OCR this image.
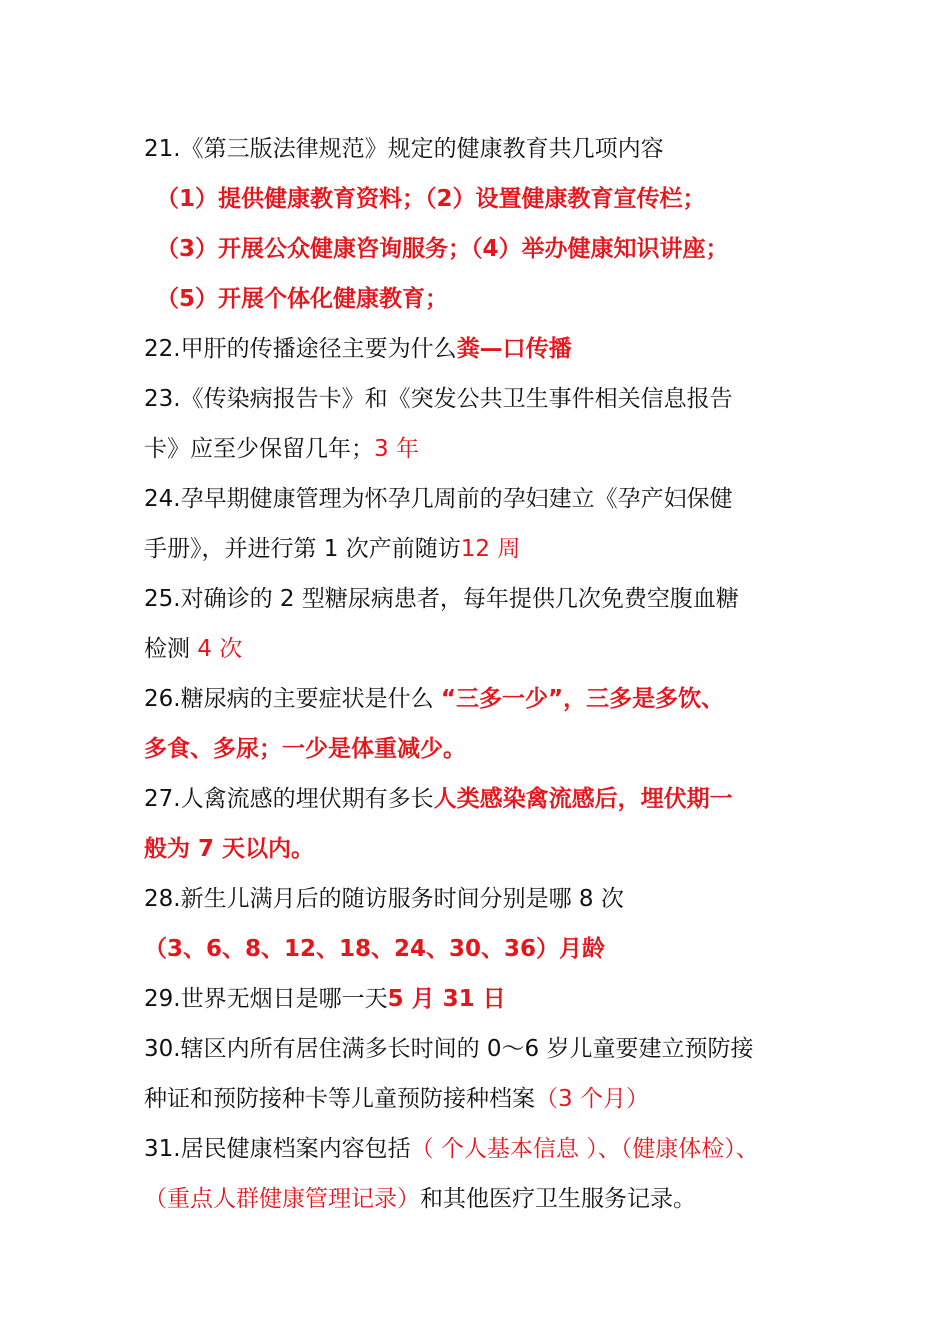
21.《第三版法律规范》规定的健康教育共几项内容
（1）提供健康教育资料；（2）设置健康教育宣传栏；
（3）开展公众健康咨询服务；（4）举办健康知识讲座；
（5）开展个体化健康教育；
22.甲肝的传播途径主要为什么粪—口传播
23.《传染病报告卡》和《突发公共卫生事件相关信息报告
卡》应至少保留几年；3 年
24.孕早期健康管理为怀孕几周前的孕妇建立《孕产妇保健
手册》，并进行第 1 次产前随访12 周
25.对确诊的 2 型糖尿病患者，每年提供几次免费空腹血糖
检测 4 次
26.糖尿病的主要症状是什么 “三多一少”，三多是多饮、
多食、多尿；一少是体重减少。
27.人禽流感的埋伏期有多长人类感染禽流感后，埋伏期一
般为 7 天以内。
28.新生儿满月后的随访服务时间分别是哪 8 次
（3、6、8、12、18、24、30、36）月龄
29.世界无烟日是哪一天5 月 31 日
30.辖区内所有居住满多长时间的 0～6 岁儿童要建立预防接
种证和预防接种卡等儿童预防接种档案（3 个月）
31.居民健康档案内容包括（ 个人基本信息 ）、（健康体检）、
（重点人群健康管理记录）和其他医疗卫生服务记录。
